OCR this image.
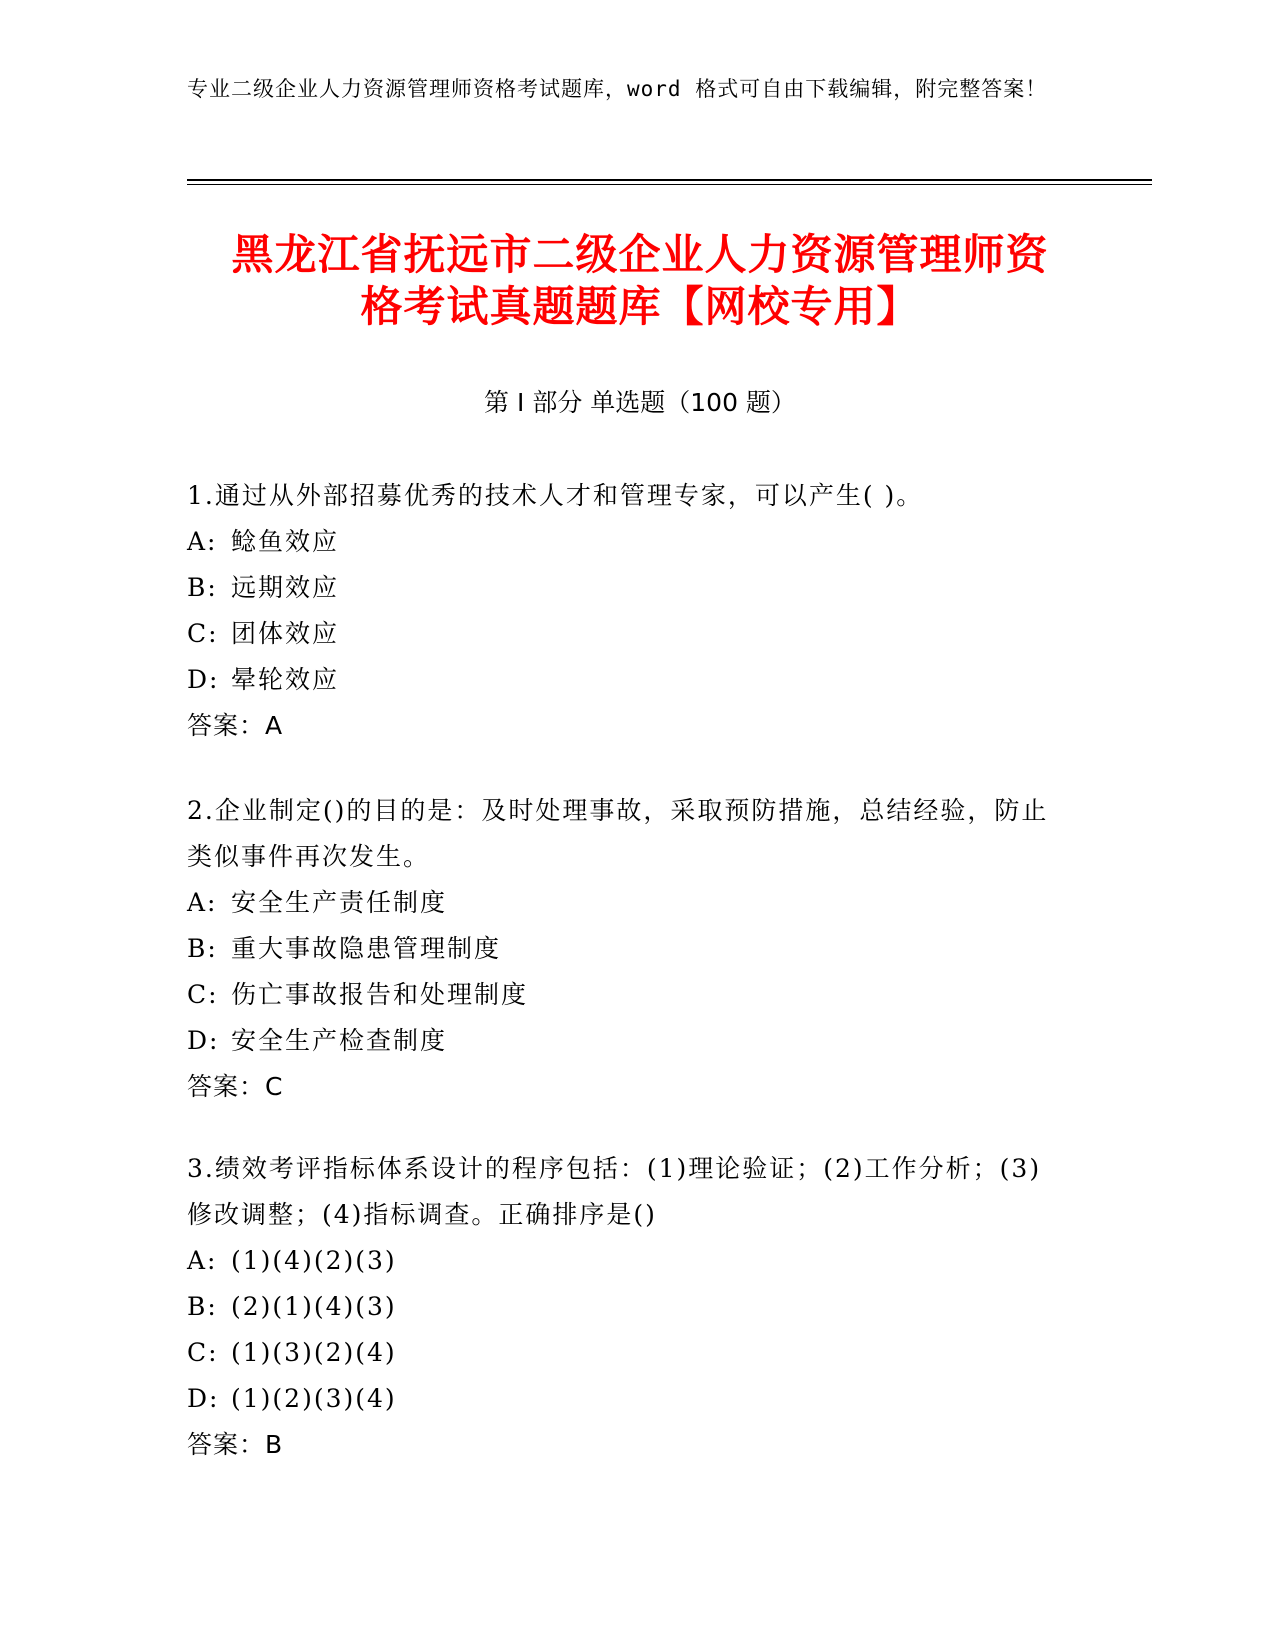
专业二级企业人力资源管理师资格考试题库，word 格式可自由下载编辑，附完整答案！
黑龙江省抚远市二级企业人力资源管理师资
格考试真题题库【网校专用】
第 I 部分 单选题（100 题）
1.通过从外部招募优秀的技术人才和管理专家，可以产生( )。
A: 鲶鱼效应
B: 远期效应
C: 团体效应
D: 晕轮效应
答案：A
2.企业制定()的目的是：及时处理事故，采取预防措施，总结经验，防止类似事件再次发生。
A: 安全生产责任制度
B: 重大事故隐患管理制度
C: 伤亡事故报告和处理制度
D: 安全生产检查制度
答案：C
3.绩效考评指标体系设计的程序包括：(1)理论验证；(2)工作分析；(3)修改调整；(4)指标调查。正确排序是()
A: (1)(4)(2)(3)
B: (2)(1)(4)(3)
C: (1)(3)(2)(4)
D: (1)(2)(3)(4)
答案：B
